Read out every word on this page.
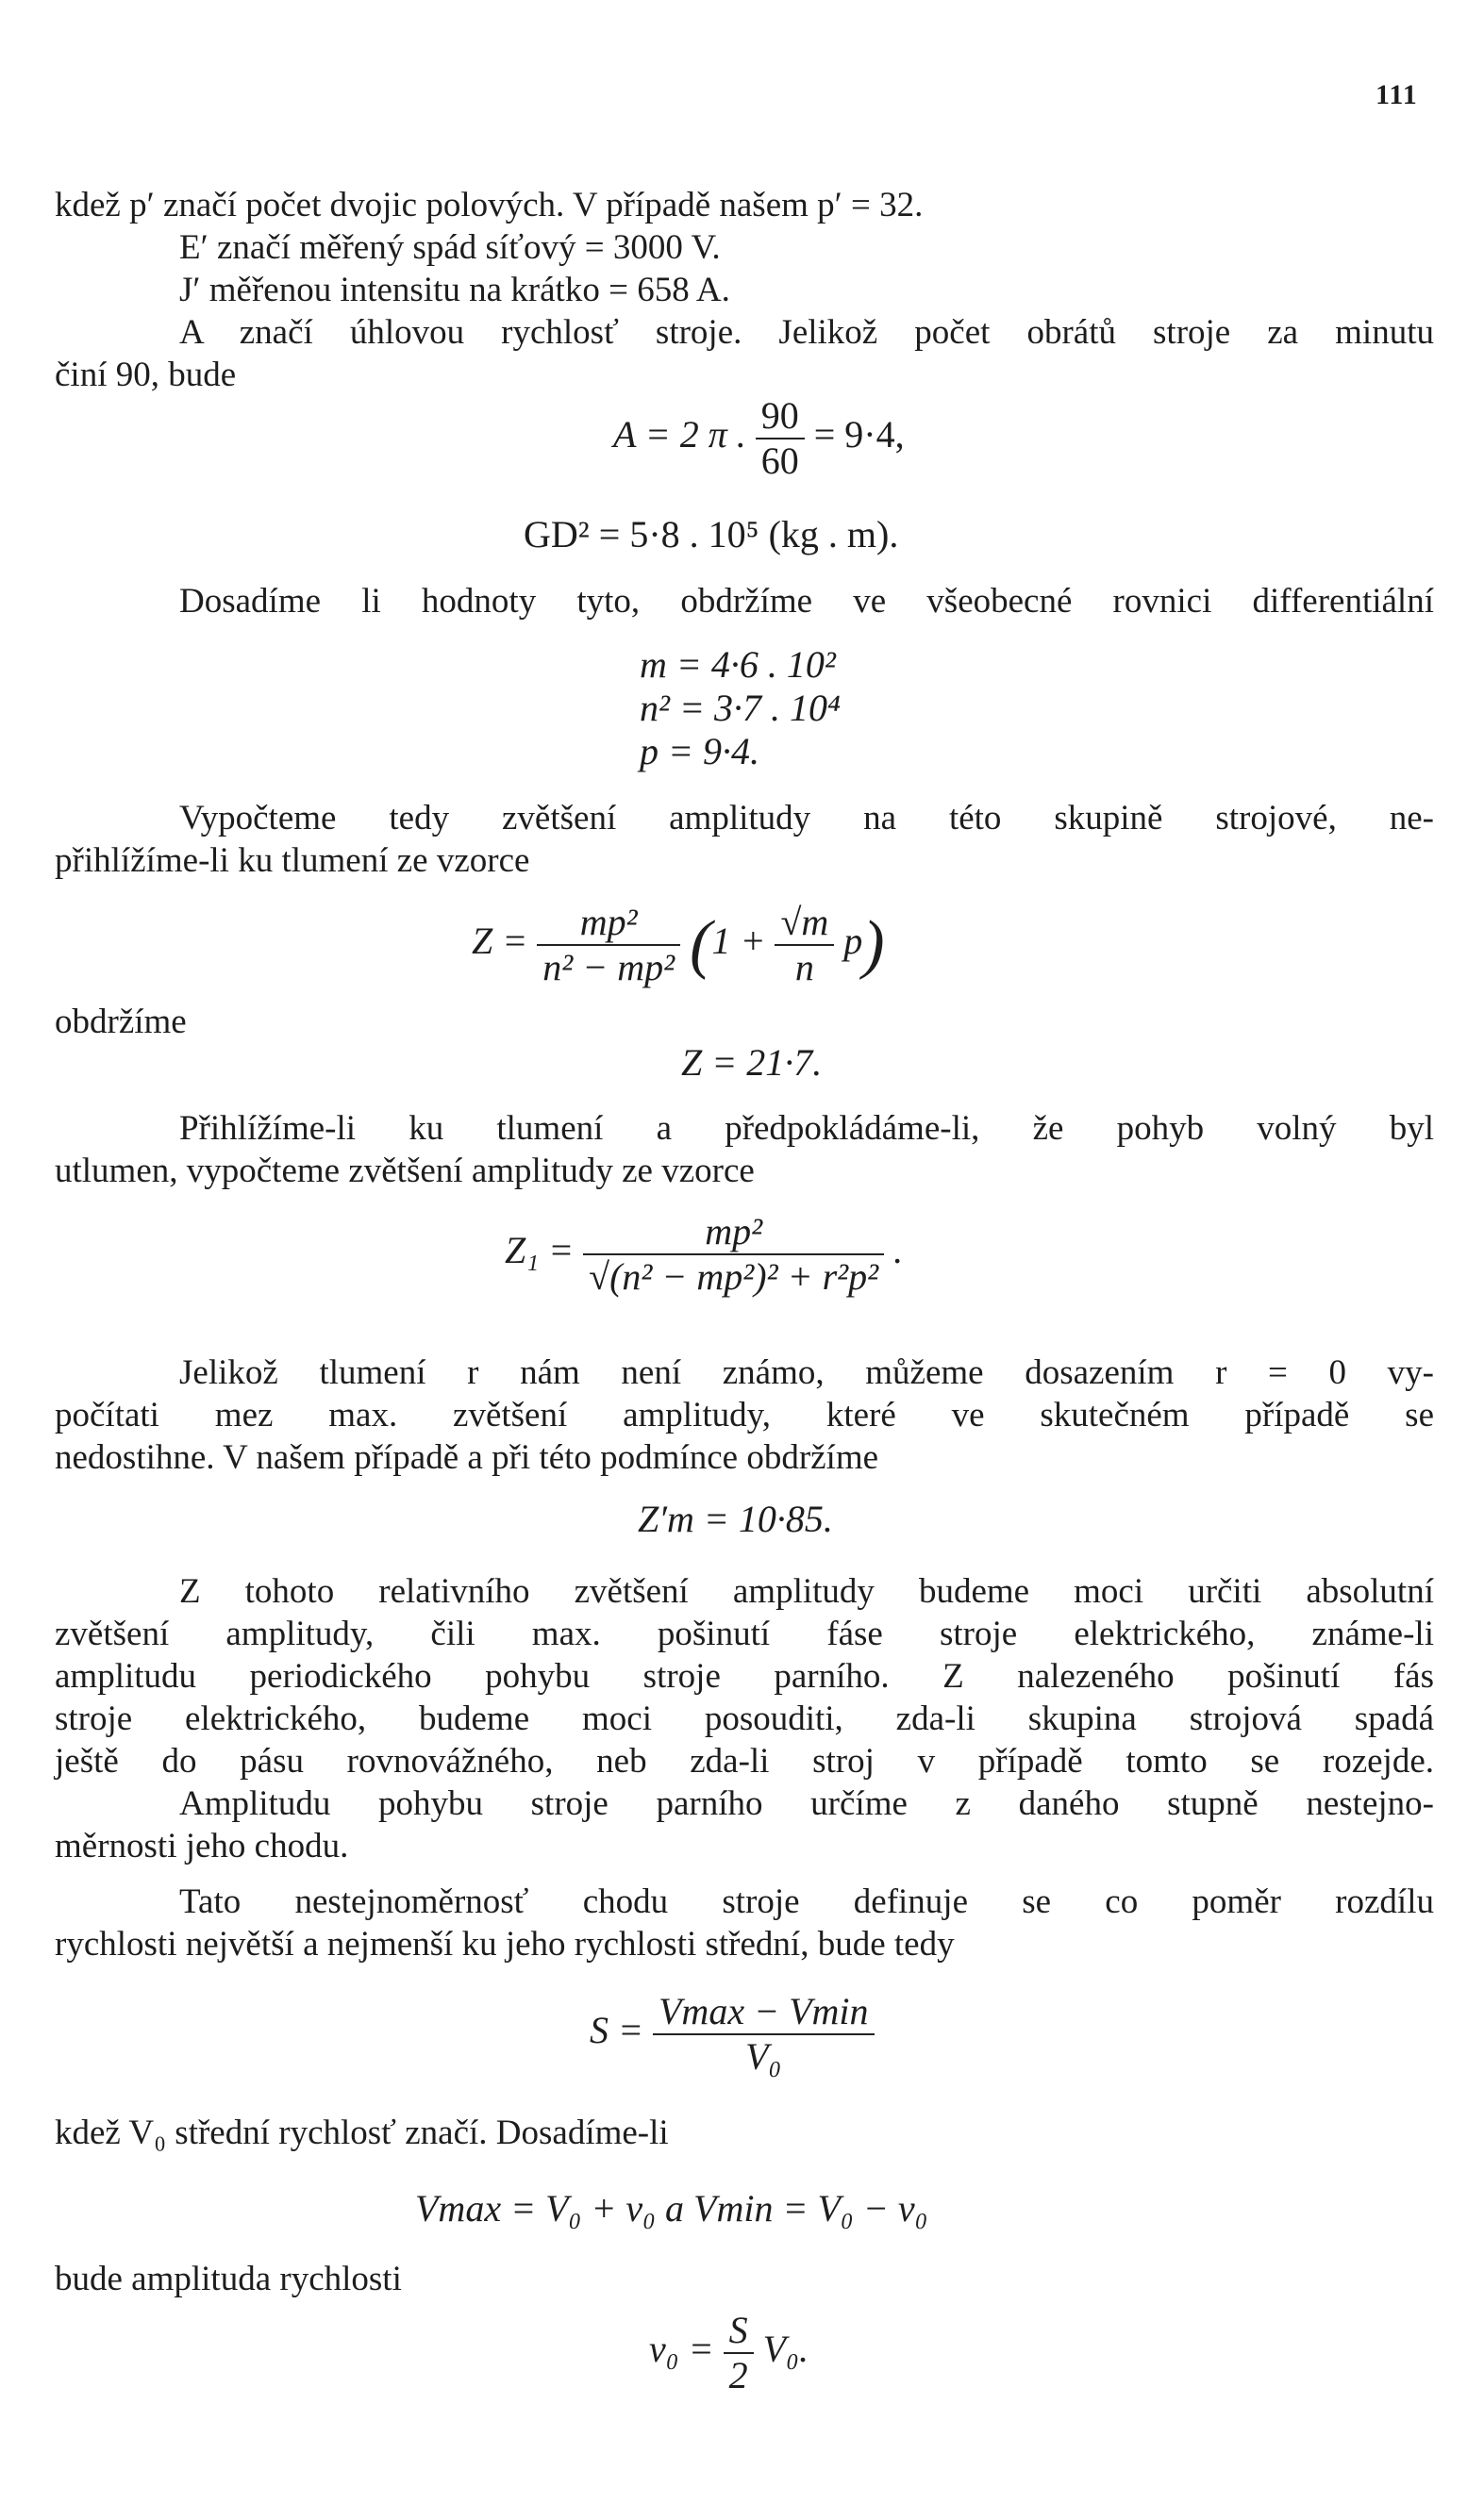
111
kdež p′ značí počet dvojic polových. V případě našem p′ = 32.
E′ značí měřený spád síťový = 3000 V.
J′ měřenou intensitu na krátko = 658 A.
A značí úhlovou rychlosť stroje. Jelikož počet obrátů stroje za minutu
činí 90, bude
A = 2 π . $\frac{90}{60} = 9\cdot 4$,
GD² = 5·8 . 10⁵ (kg . m).
Dosadíme li hodnoty tyto, obdržíme ve všeobecné rovnici differentiální
m = 4·6 . 10²
n² = 3·7 . 10⁴
p = 9·4.
Vypočteme tedy zvětšení amplitudy na této skupině strojové, ne-
přihlížíme-li ku tlumení ze vzorce
$Z = \frac{\text{mp²}}{\text{n² − mp²}} (1 + \frac{√m}{n} p)$
obdržíme
Z = 21·7.
Přihlížíme-li ku tlumení a předpokládáme-li, že pohyb volný byl
utlumen, vypočteme zvětšení amplitudy ze vzorce
$Z_1 = \frac{\text{mp²}}{\text{√(n² − mp²)² + r²p²}}$ .
Jelikož tlumení r nám není známo, můžeme dosazením r = 0 vy-
počítati mez max. zvětšení amplitudy, které ve skutečném případě se
nedostihne. V našem případě a při této podmínce obdržíme
Z′m = 10·85.
Z tohoto relativního zvětšení amplitudy budeme moci určiti absolutní
zvětšení amplitudy, čili max. pošinutí fáse stroje elektrického, známe-li
amplitudu periodického pohybu stroje parního. Z nalezeného pošinutí fás
stroje elektrického, budeme moci posouditi, zda-li skupina strojová spadá
ještě do pásu rovnovážného, neb zda-li stroj v případě tomto se rozejde.
Amplitudu pohybu stroje parního určíme z daného stupně nestejno-
měrnosti jeho chodu.
Tato nestejnoměrnosť chodu stroje definuje se co poměr rozdílu
rychlosti největší a nejmenší ku jeho rychlosti střední, bude tedy
$S = \frac{Vmax - Vmin}{\text{V₀}}$
kdež V₀ střední rychlosť značí. Dosadíme-li
Vmax = V₀ + v₀ a Vmin = V₀ − v₀
bude amplituda rychlosti
$v_0 = \frac{S}{2} V_0$.
